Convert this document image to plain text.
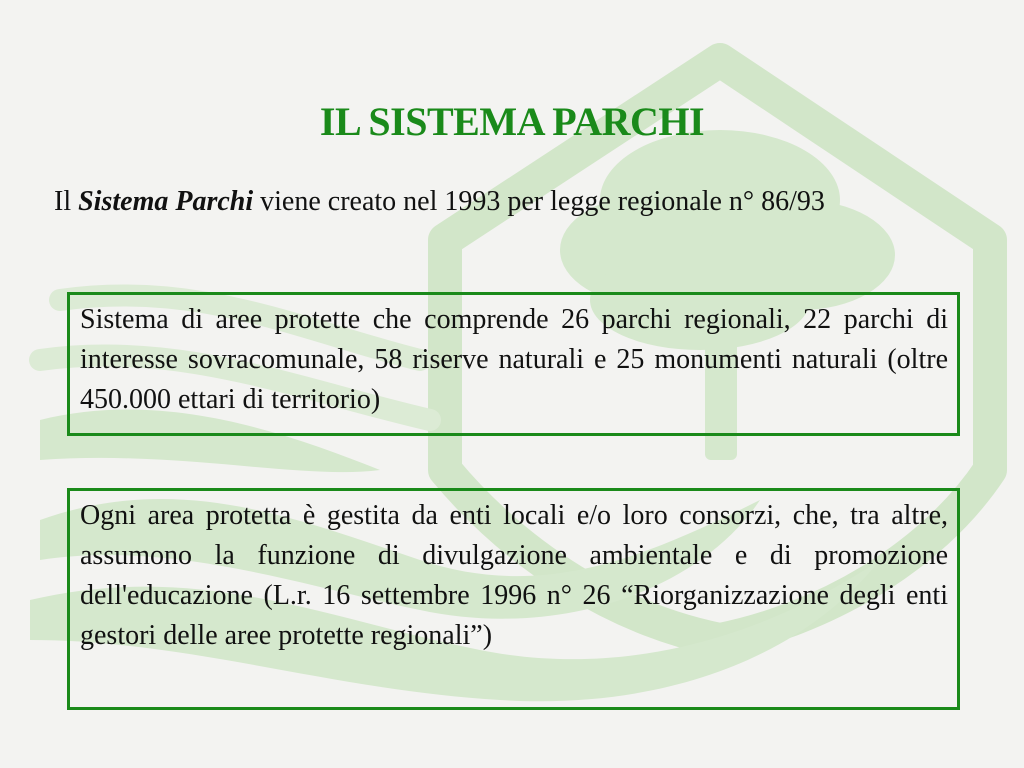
IL SISTEMA PARCHI
Il Sistema Parchi viene creato nel 1993 per legge regionale n° 86/93
Sistema di aree protette che comprende 26 parchi regionali, 22 parchi di interesse sovracomunale, 58 riserve naturali e 25 monumenti naturali (oltre 450.000 ettari di territorio)
Ogni area protetta è gestita da enti locali e/o loro consorzi, che, tra altre, assumono la funzione di divulgazione ambientale e di promozione dell'educazione (L.r. 16 settembre 1996 n° 26 “Riorganizzazione degli enti gestori delle aree protette regionali”)
